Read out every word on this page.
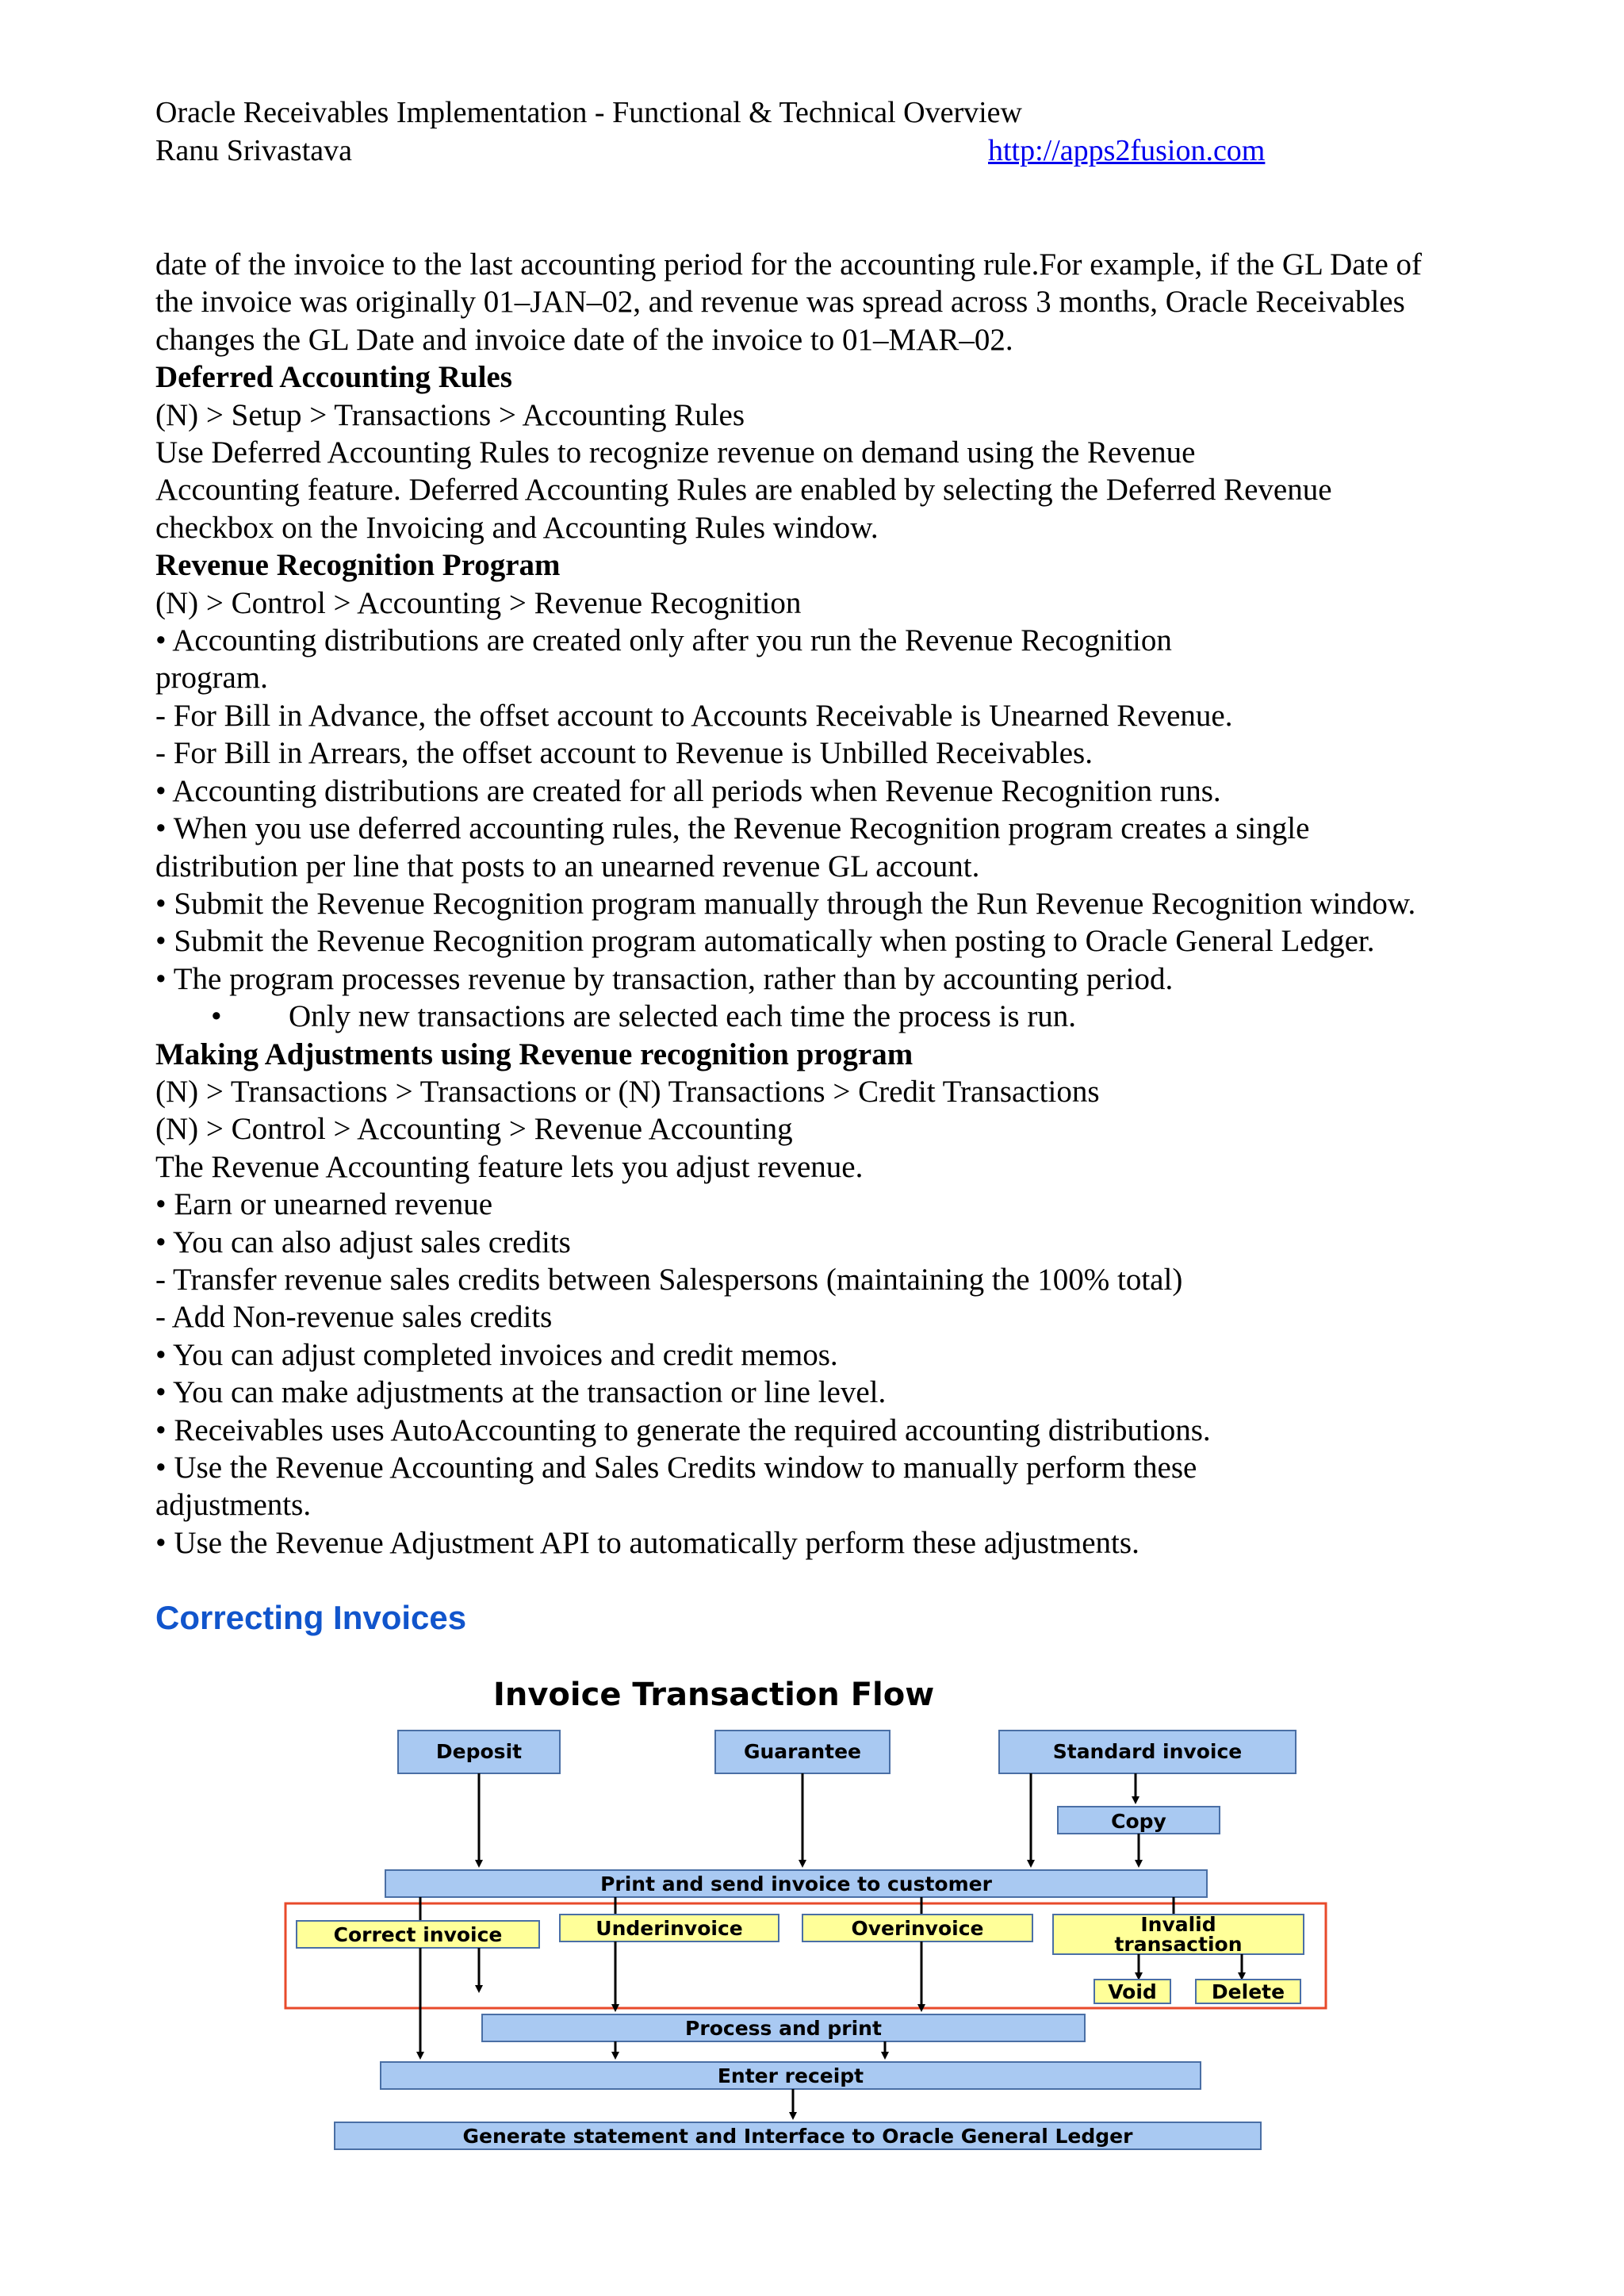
Oracle Receivables Implementation - Functional & Technical Overview
Ranu Srivastava	http://apps2fusion.com
date of the invoice to the last accounting period for the accounting rule.For example, if the GL Date of
the invoice was originally 01–JAN–02, and revenue was spread across 3 months, Oracle Receivables
changes the GL Date and invoice date of the invoice to 01–MAR–02.
Deferred Accounting Rules
(N) > Setup > Transactions > Accounting Rules
Use Deferred Accounting Rules to recognize revenue on demand using the Revenue
Accounting feature. Deferred Accounting Rules are enabled by selecting the Deferred Revenue
checkbox on the Invoicing and Accounting Rules window.
Revenue Recognition Program
(N) > Control > Accounting > Revenue Recognition
• Accounting distributions are created only after you run the Revenue Recognition
program.
- For Bill in Advance, the offset account to Accounts Receivable is Unearned Revenue.
- For Bill in Arrears, the offset account to Revenue is Unbilled Receivables.
• Accounting distributions are created for all periods when Revenue Recognition runs.
• When you use deferred accounting rules, the Revenue Recognition program creates a single
distribution per line that posts to an unearned revenue GL account.
• Submit the Revenue Recognition program manually through the Run Revenue Recognition window.
• Submit the Revenue Recognition program automatically when posting to Oracle General Ledger.
• The program processes revenue by transaction, rather than by accounting period.
• Only new transactions are selected each time the process is run.
Making Adjustments using Revenue recognition program
(N) > Transactions > Transactions or (N) Transactions > Credit Transactions
(N) > Control > Accounting > Revenue Accounting
The Revenue Accounting feature lets you adjust revenue.
• Earn or unearned revenue
• You can also adjust sales credits
- Transfer revenue sales credits between Salespersons (maintaining the 100% total)
- Add Non-revenue sales credits
• You can adjust completed invoices and credit memos.
• You can make adjustments at the transaction or line level.
• Receivables uses AutoAccounting to generate the required accounting distributions.
• Use the Revenue Accounting and Sales Credits window to manually perform these
adjustments.
• Use the Revenue Adjustment API to automatically perform these adjustments.
Correcting Invoices
Invoice Transaction Flow
Deposit	Guarantee	Standard invoice
Copy
Print and send invoice to customer
Correct invoice	Underinvoice	Overinvoice	Invalid
transaction
Void	Delete
Process and print
Enter receipt
Generate statement and Interface to Oracle General Ledger
